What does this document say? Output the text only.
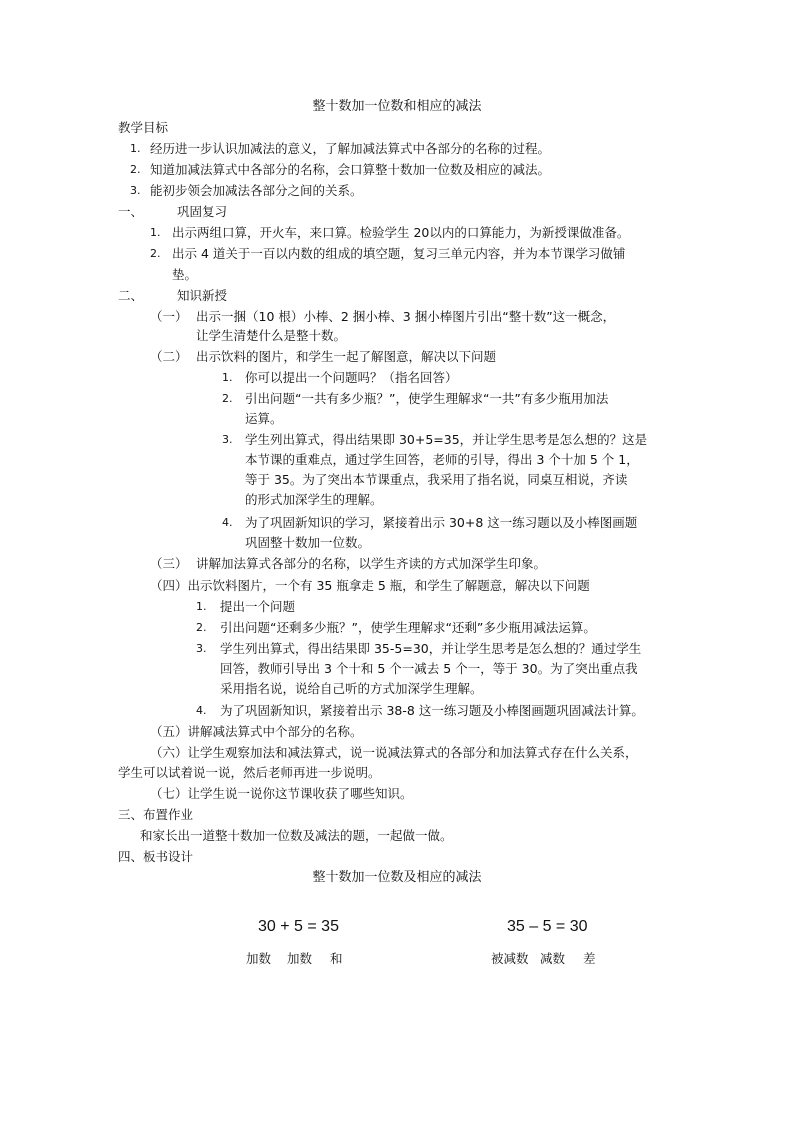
整十数加一位数和相应的减法
教学目标
1. 经历进一步认识加减法的意义，了解加减法算式中各部分的名称的过程。
2. 知道加减法算式中各部分的名称，会口算整十数加一位数及相应的减法。
3. 能初步领会加减法各部分之间的关系。
一、	巩固复习
1. 出示两组口算，开火车，来口算。检验学生 20以内的口算能力，为新授课做准备。
2. 出示 4 道关于一百以内数的组成的填空题，复习三单元内容，并为本节课学习做铺
垫。
二、	知识新授
（一） 出示一捆（10 根）小棒、2 捆小棒、3 捆小棒图片引出“整十数”这一概念，
让学生清楚什么是整十数。
（二） 出示饮料的图片，和学生一起了解图意，解决以下问题
1. 你可以提出一个问题吗？（指名回答）
2. 引出问题“一共有多少瓶？”，使学生理解求“一共”有多少瓶用加法
运算。
3. 学生列出算式，得出结果即 30+5=35，并让学生思考是怎么想的？这是
本节课的重难点，通过学生回答，老师的引导，得出 3 个十加 5 个 1，
等于 35。为了突出本节课重点，我采用了指名说，同桌互相说，齐读
的形式加深学生的理解。
4. 为了巩固新知识的学习，紧接着出示 30+8 这一练习题以及小棒图画题
巩固整十数加一位数。
（三） 讲解加法算式各部分的名称，以学生齐读的方式加深学生印象。
（四）出示饮料图片，一个有 35 瓶拿走 5 瓶，和学生了解题意，解决以下问题
1. 提出一个问题
2. 引出问题“还剩多少瓶？”，使学生理解求“还剩”多少瓶用减法运算。
3. 学生列出算式，得出结果即 35-5=30，并让学生思考是怎么想的？通过学生
回答，教师引导出 3 个十和 5 个一减去 5 个一，等于 30。为了突出重点我
采用指名说，说给自己听的方式加深学生理解。
4. 为了巩固新知识，紧接着出示 38-8 这一练习题及小棒图画题巩固减法计算。
（五）讲解减法算式中个部分的名称。
（六）让学生观察加法和减法算式，说一说减法算式的各部分和加法算式存在什么关系，
学生可以试着说一说，然后老师再进一步说明。
（七）让学生说一说你这节课收获了哪些知识。
三、布置作业
和家长出一道整十数加一位数及减法的题，一起做一做。
四、板书设计
整十数加一位数及相应的减法
30 + 5 = 35
加数 加数 和
35 – 5 = 30
被减数 减数 差
